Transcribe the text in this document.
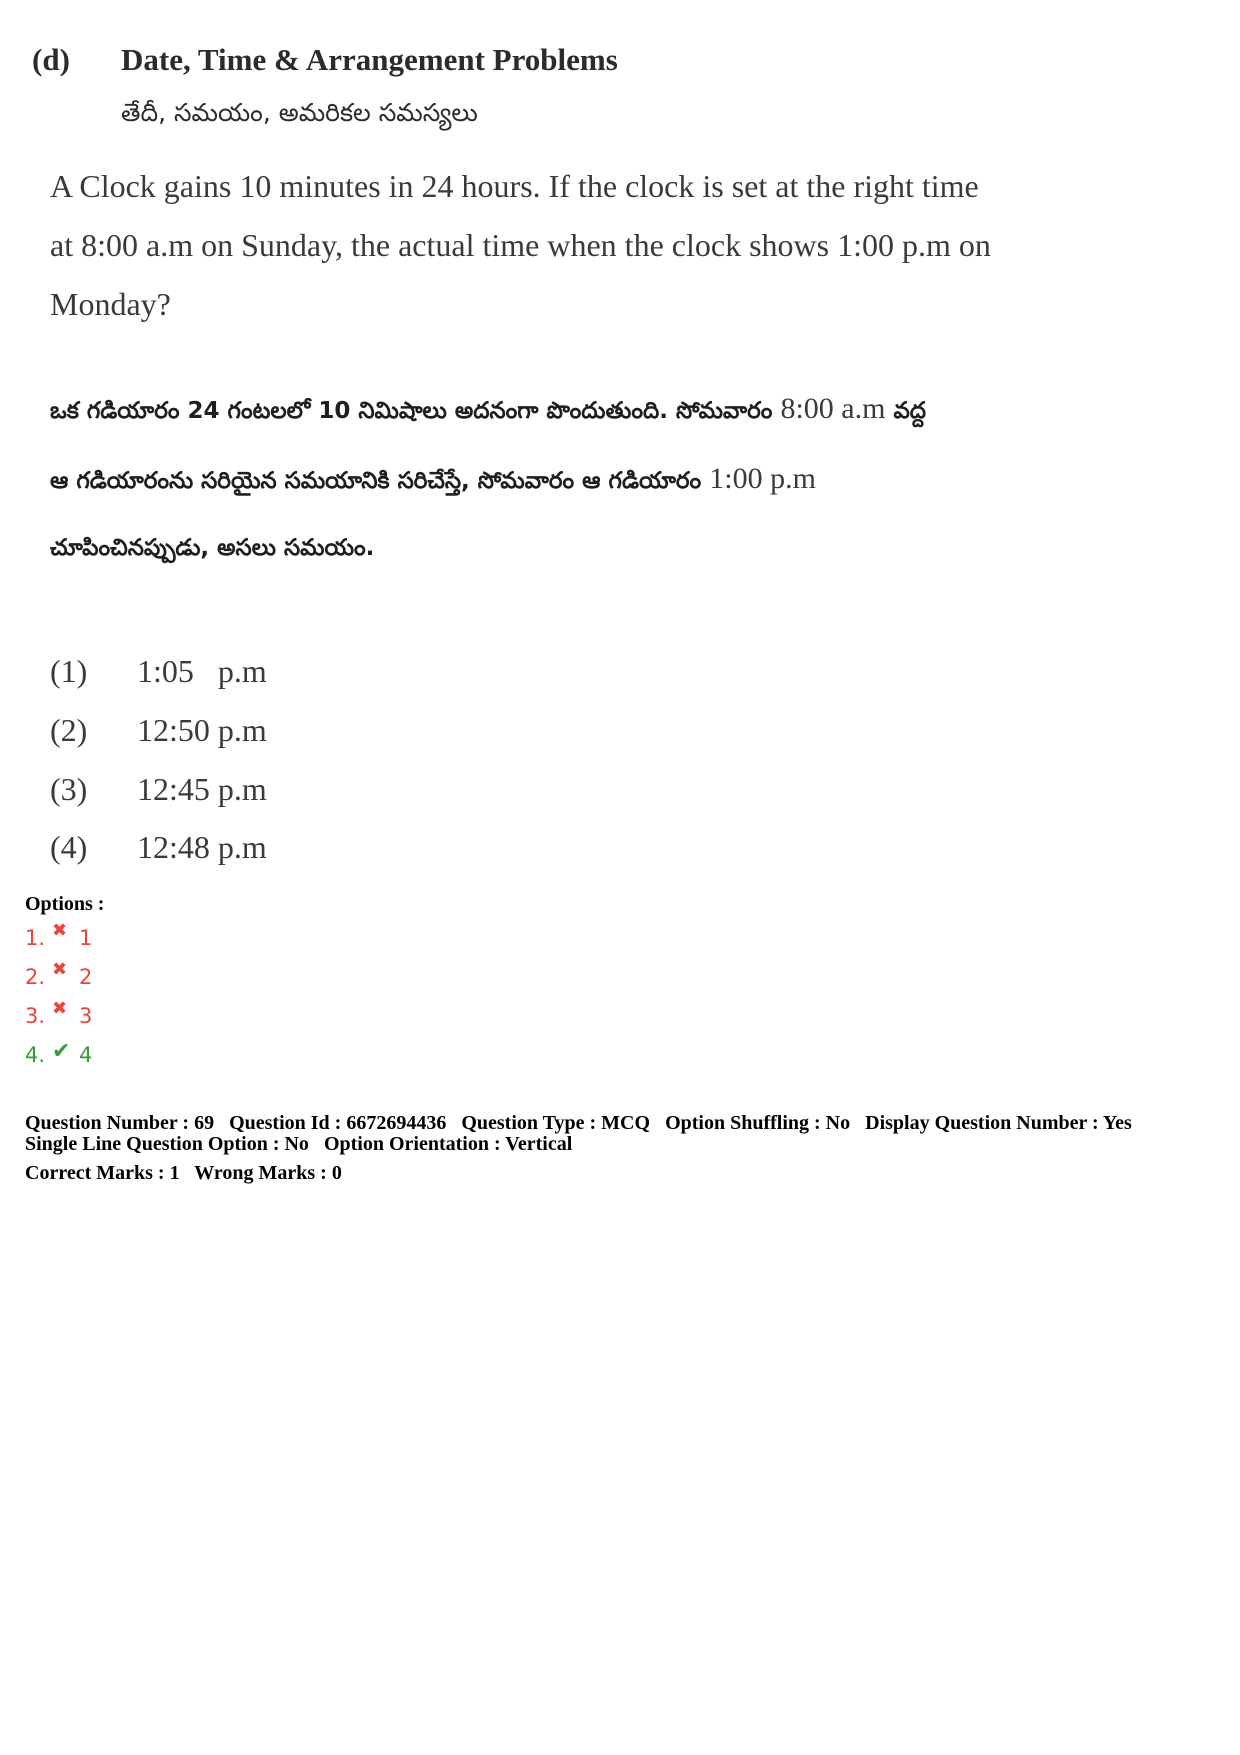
(d) Date, Time & Arrangement Problems
తేదీ, సమయం, అమరికల సమస్యలు
A Clock gains 10 minutes in 24 hours. If the clock is set at the right time
at 8:00 a.m on Sunday, the actual time when the clock shows 1:00 p.m on
Monday?
ఒక గడియారం 24 గంటలలో 10 నిమిషాలు అదనంగా పొందుతుంది. సోమవారం 8:00 a.m వద్ద
ఆ గడియారంను సరియైన సమయానికి సరిచేస్తే, సోమవారం ఆ గడియారం 1:00 p.m
చూపించినప్పుడు, అసలు సమయం.
(1) 1:05   p.m
(2) 12:50 p.m
(3) 12:45 p.m
(4) 12:48 p.m
Options :
1. ✖ 1
2. ✖ 2
3. ✖ 3
4. ✔ 4
Question Number : 69 Question Id : 6672694436 Question Type : MCQ Option Shuffling : No Display Question Number : Yes
Single Line Question Option : No Option Orientation : Vertical
Correct Marks : 1 Wrong Marks : 0
